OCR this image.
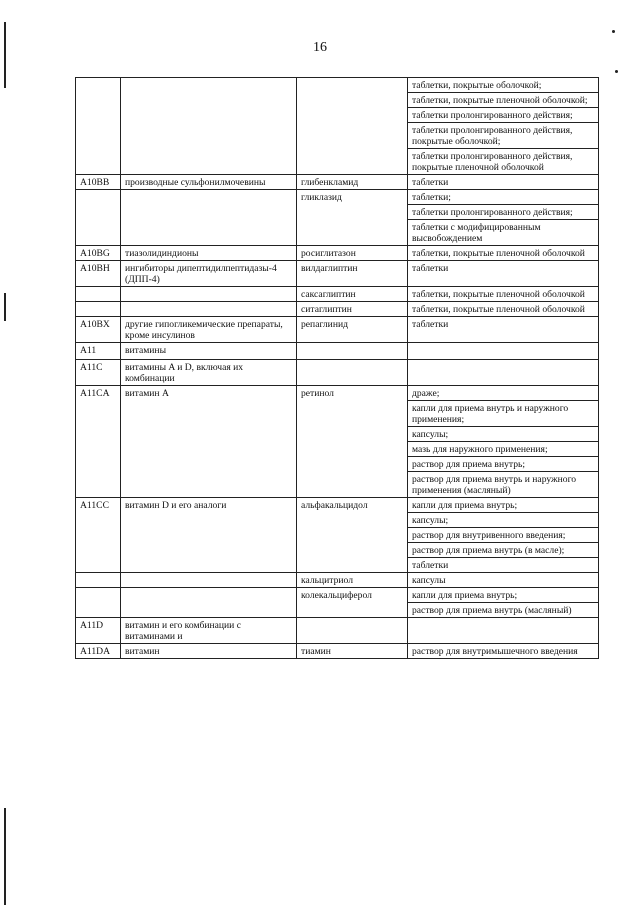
16
			таблетки, покрытые оболочкой;
			таблетки, покрытые пленочной оболочкой;
			таблетки пролонгированного действия;
			таблетки пролонгированного действия, покрытые оболочкой;
			таблетки пролонгированного действия, покрытые пленочной оболочкой
A10BB	производные сульфонилмочевины	глибенкламид	таблетки
		гликлазид	таблетки;
			таблетки пролонгированного действия;
			таблетки с модифицированным высвобождением
A10BG	тиазолидиндионы	росиглитазон	таблетки, покрытые пленочной оболочкой
A10BH	ингибиторы дипептидилпептидазы-4 (ДПП-4)	вилдаглиптин	таблетки
		саксаглиптин	таблетки, покрытые пленочной оболочкой
		ситаглиптин	таблетки, покрытые пленочной оболочкой
A10BX	другие гипогликемические препараты, кроме инсулинов	репаглинид	таблетки
A11	витамины		
A11C	витамины A и D, включая их комбинации		
A11CA	витамин A	ретинол	драже;
			капли для приема внутрь и наружного применения;
			капсулы;
			мазь для наружного применения;
			раствор для приема внутрь;
			раствор для приема внутрь и наружного применения (масляный)
A11CC	витамин D и его аналоги	альфакальцидол	капли для приема внутрь;
			капсулы;
			раствор для внутривенного введения;
			раствор для приема внутрь (в масле);
			таблетки
		кальцитриол	капсулы
		колекальциферол	капли для приема внутрь;
			раствор для приема внутрь (масляный)
A11D	витамин и его комбинации с витаминами и		
A11DA	витамин	тиамин	раствор для внутримышечного введения
